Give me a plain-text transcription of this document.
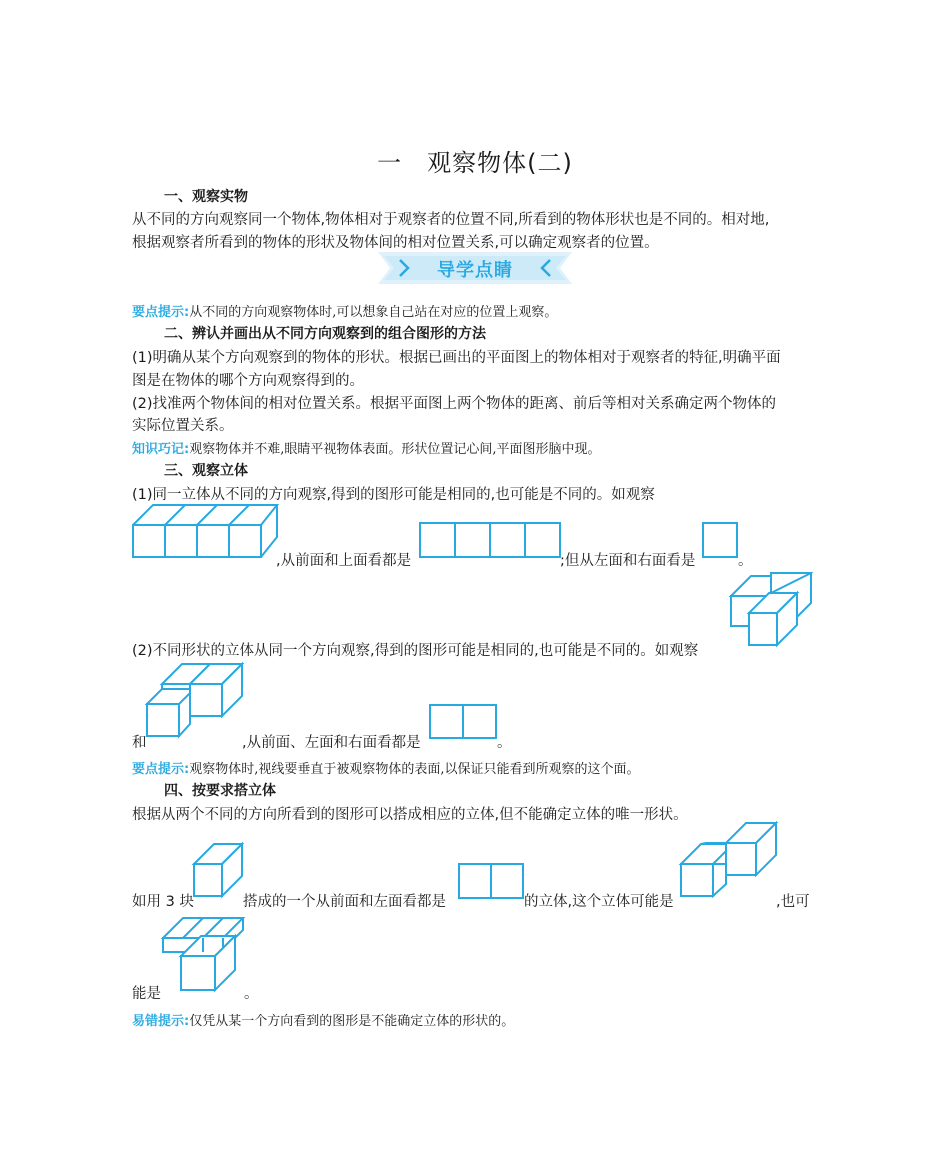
一　观察物体(二)
一、观察实物
从不同的方向观察同一个物体,物体相对于观察者的位置不同,所看到的物体形状也是不同的。相对地,
根据观察者所看到的物体的形状及物体间的相对位置关系,可以确定观察者的位置。
导学点睛
要点提示:从不同的方向观察物体时,可以想象自己站在对应的位置上观察。
二、辨认并画出从不同方向观察到的组合图形的方法
(1)明确从某个方向观察到的物体的形状。根据已画出的平面图上的物体相对于观察者的特征,明确平面
图是在物体的哪个方向观察得到的。
(2)找准两个物体间的相对位置关系。根据平面图上两个物体的距离、前后等相对关系确定两个物体的
实际位置关系。
知识巧记:观察物体并不难,眼睛平视物体表面。形状位置记心间,平面图形脑中现。
三、观察立体
(1)同一立体从不同的方向观察,得到的图形可能是相同的,也可能是不同的。如观察
,从前面和上面看都是	;但从左面和右面看是	。
(2)不同形状的立体从同一个方向观察,得到的图形可能是相同的,也可能是不同的。如观察
和	,从前面、左面和右面看都是	。
要点提示:观察物体时,视线要垂直于被观察物体的表面,以保证只能看到所观察的这个面。
四、按要求搭立体
根据从两个不同的方向所看到的图形可以搭成相应的立体,但不能确定立体的唯一形状。
如用 3 块	搭成的一个从前面和左面看都是	的立体,这个立体可能是	,也可
能是	。
易错提示:仅凭从某一个方向看到的图形是不能确定立体的形状的。
